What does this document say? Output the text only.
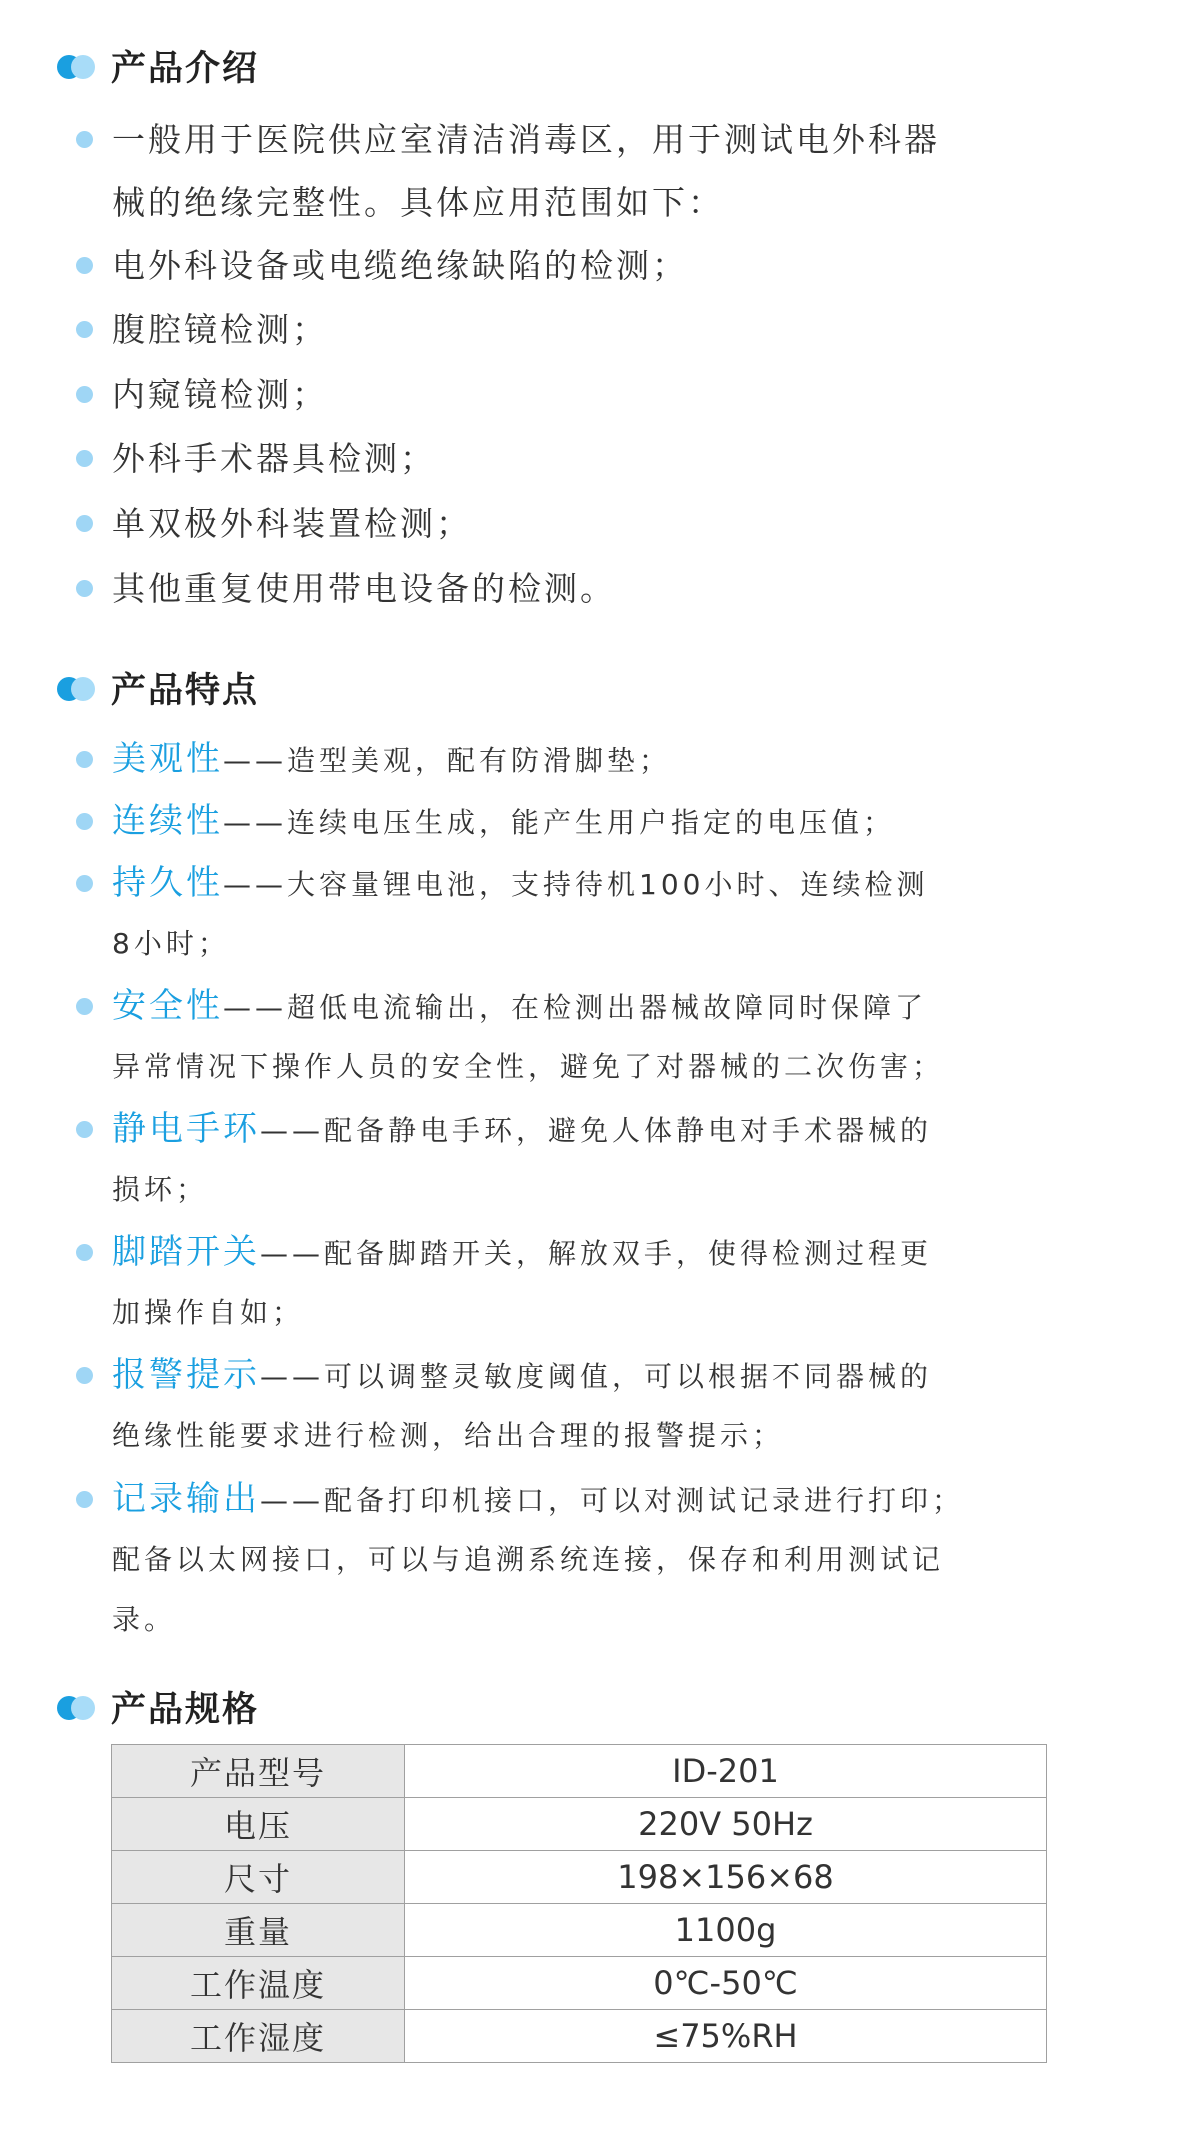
产品介绍
一般用于医院供应室清洁消毒区，用于测试电外科器
械的绝缘完整性。具体应用范围如下：
电外科设备或电缆绝缘缺陷的检测；
腹腔镜检测；
内窥镜检测；
外科手术器具检测；
单双极外科装置检测；
其他重复使用带电设备的检测。
产品特点
美观性——造型美观，配有防滑脚垫；
连续性——连续电压生成，能产生用户指定的电压值；
持久性——大容量锂电池，支持待机100小时、连续检测
8小时；
安全性——超低电流输出，在检测出器械故障同时保障了
异常情况下操作人员的安全性，避免了对器械的二次伤害；
静电手环——配备静电手环，避免人体静电对手术器械的
损坏；
脚踏开关——配备脚踏开关，解放双手，使得检测过程更
加操作自如；
报警提示——可以调整灵敏度阈值，可以根据不同器械的
绝缘性能要求进行检测，给出合理的报警提示；
记录输出——配备打印机接口，可以对测试记录进行打印；
配备以太网接口，可以与追溯系统连接，保存和利用测试记
录。
产品规格
产品型号	ID-201
电压	220V 50Hz
尺寸	198×156×68
重量	1100g
工作温度	0℃-50℃
工作湿度	≤75%RH
